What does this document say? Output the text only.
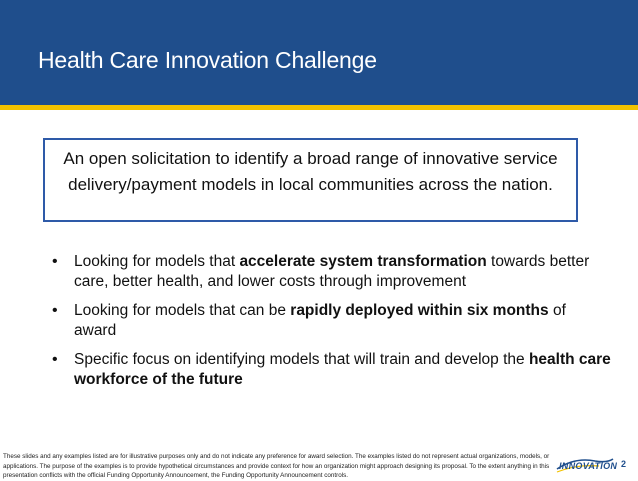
Health Care Innovation Challenge
An open solicitation to identify a broad range of innovative service delivery/payment models in local communities across the nation.
• Looking for models that accelerate system transformation towards better care, better health, and lower costs through improvement
• Looking for models that can be rapidly deployed within six months of award
• Specific focus on identifying models that will train and develop the health care workforce of the future
These slides and any examples listed are for illustrative purposes only and do not indicate any preference for award selection. The examples listed do not represent actual organizations, models, or applications. The purpose of the examples is to provide hypothetical circumstances and provide context for how an organization might approach designing its proposal. To the extent anything in this presentation conflicts with the official Funding Opportunity Announcement, the Funding Opportunity Announcement controls.
INNOVATION 2
